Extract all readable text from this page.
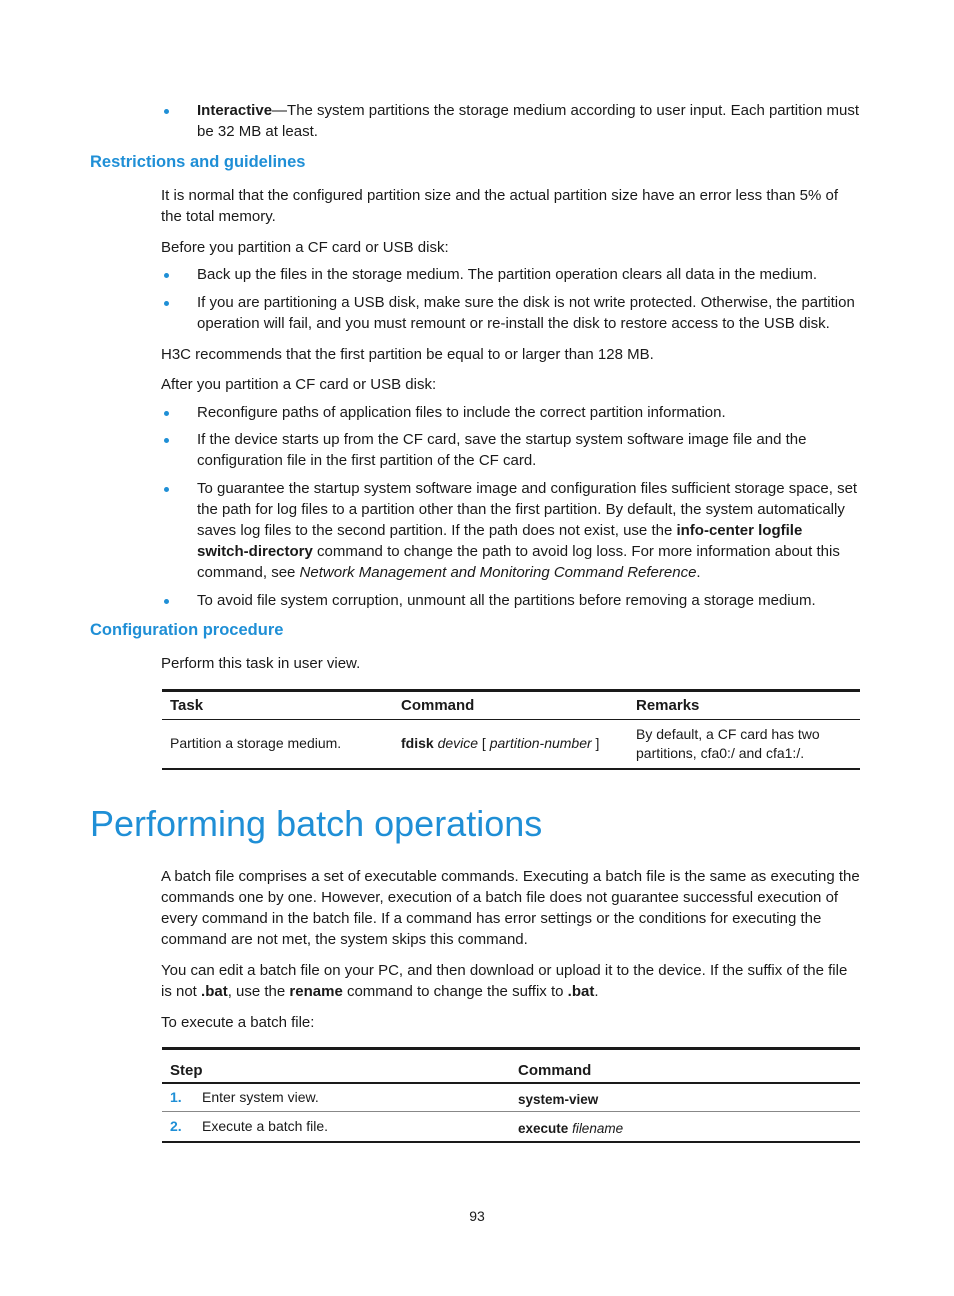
Interactive—The system partitions the storage medium according to user input. Each partition must
be 32 MB at least.
Restrictions and guidelines
It is normal that the configured partition size and the actual partition size have an error less than 5% of
the total memory.
Before you partition a CF card or USB disk:
Back up the files in the storage medium. The partition operation clears all data in the medium.
If you are partitioning a USB disk, make sure the disk is not write protected. Otherwise, the partition
operation will fail, and you must remount or re-install the disk to restore access to the USB disk.
H3C recommends that the first partition be equal to or larger than 128 MB.
After you partition a CF card or USB disk:
Reconfigure paths of application files to include the correct partition information.
If the device starts up from the CF card, save the startup system software image file and the
configuration file in the first partition of the CF card.
To guarantee the startup system software image and configuration files sufficient storage space, set
the path for log files to a partition other than the first partition. By default, the system automatically
saves log files to the second partition. If the path does not exist, use the info-center logfile
switch-directory command to change the path to avoid log loss. For more information about this
command, see Network Management and Monitoring Command Reference.
To avoid file system corruption, unmount all the partitions before removing a storage medium.
Configuration procedure
Perform this task in user view.
Task	Command	Remarks
Partition a storage medium.	fdisk device [ partition-number ]	By default, a CF card has two
partitions, cfa0:/ and cfa1:/.
Performing batch operations
A batch file comprises a set of executable commands. Executing a batch file is the same as executing the
commands one by one. However, execution of a batch file does not guarantee successful execution of
every command in the batch file. If a command has error settings or the conditions for executing the
command are not met, the system skips this command.
You can edit a batch file on your PC, and then download or upload it to the device. If the suffix of the file
is not .bat, use the rename command to change the suffix to .bat.
To execute a batch file:
Step	Command
1. Enter system view.	system-view
2. Execute a batch file.	execute filename
93
